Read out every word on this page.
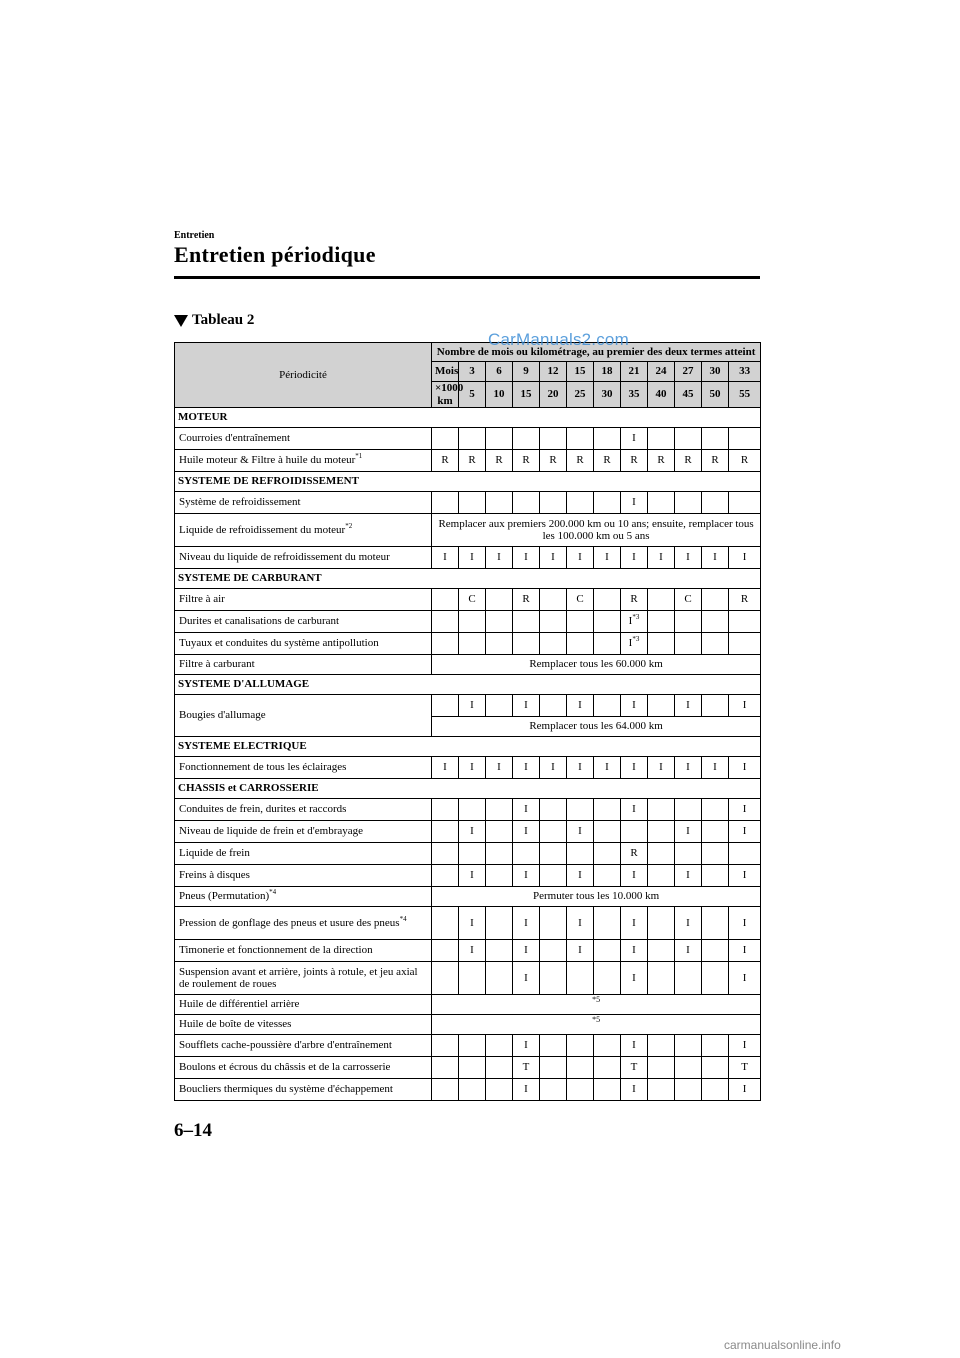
Entretien
Entretien périodique
Tableau 2
Périodicité	Nombre de mois ou kilométrage, au premier des deux termes atteint												
	Mois	3	6	9	12	15	18	21	24	27	30	33	
	×1000 km	5	10	15	20	25	30	35	40	45	50	55	
MOTEUR													
Courroies d'entraînement								I					
Huile moteur & Filtre à huile du moteur$^{*1}$	R	R	R	R	R	R	R	R	R	R	R	R	
SYSTEME DE REFROIDISSEMENT													
Système de refroidissement								I					
Liquide de refroidissement du moteur$^{*2}$	Remplacer aux premiers 200.000 km ou 10 ans; ensuite, remplacer tous les 100.000 km ou 5 ans												
Niveau du liquide de refroidissement du moteur	I	I	I	I	I	I	I	I	I	I	I	I	
SYSTEME DE CARBURANT													
Filtre à air		C		R		C		R		C		R	
Durites et canalisations de carburant								$I^{*3}$				
Tuyaux et conduites du système antipollution								$I^{*3}$				
Filtre à carburant	Remplacer tous les 60.000 km												
SYSTEME D'ALLUMAGE													
Bougies d'allumage		I		I		I		I		I		I	
	Remplacer tous les 64.000 km												
SYSTEME ELECTRIQUE													
Fonctionnement de tous les éclairages	I	I	I	I	I	I	I	I	I	I	I	I	
CHASSIS et CARROSSERIE													
Conduites de frein, durites et raccords				I				I				I	
Niveau de liquide de frein et d'embrayage		I		I		I				I		I	
Liquide de frein								R					
Freins à disques		I		I		I		I		I		I	
Pneus (Permutation)$^{*4}$	Permuter tous les 10.000 km												
Pression de gonflage des pneus et usure des pneus$^{*4}$		I		I		I		I		I		I	
Timonerie et fonctionnement de la direction		I		I		I		I		I		I	
Suspension avant et arrière, joints à rotule, et jeu axial de roulement de roues				I				I				I	
Huile de différentiel arrière	*5												
Huile de boîte de vitesses	*5												
Soufflets cache-poussière d'arbre d'entraînement				I				I				I	
Boulons et écrous du châssis et de la carrosserie				T				T				T	
Boucliers thermiques du système d'échappement				I				I				I	
CarManuals2.com
6–14
carmanualsonline.info
